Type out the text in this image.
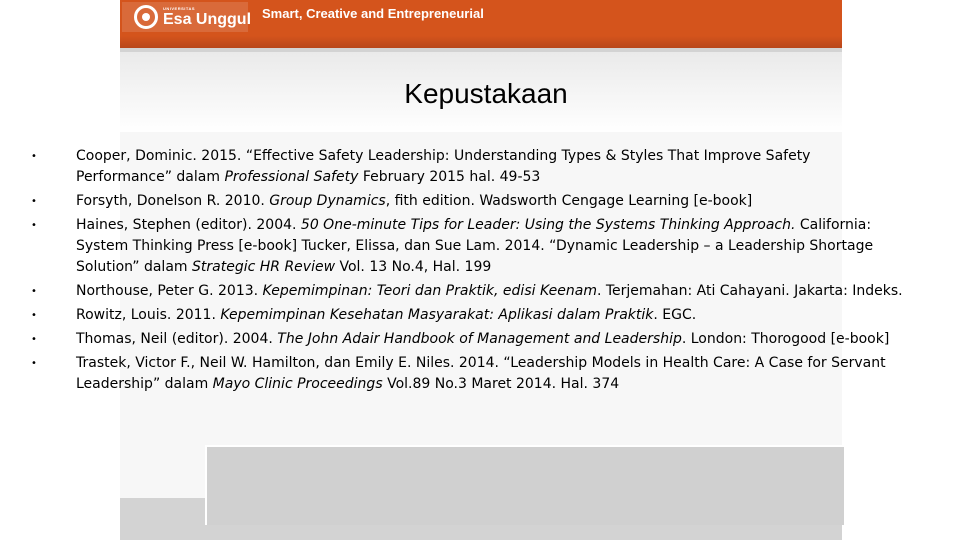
UNIVERSITAS
Esa Unggul Smart, Creative and Entrepreneurial
Kepustakaan
•	Cooper, Dominic. 2015. “Effective Safety Leadership: Understanding Types & Styles That Improve Safety Performance” dalam Professional Safety February 2015 hal. 49-53
•	Forsyth, Donelson R. 2010. Group Dynamics, fith edition. Wadsworth Cengage Learning [e-book]
•	Haines, Stephen (editor). 2004. 50 One-minute Tips for Leader: Using the Systems Thinking Approach. California: System Thinking Press [e-book] Tucker, Elissa, dan Sue Lam. 2014. “Dynamic Leadership – a Leadership Shortage Solution” dalam Strategic HR Review Vol. 13 No.4, Hal. 199
•	Northouse, Peter G. 2013. Kepemimpinan: Teori dan Praktik, edisi Keenam. Terjemahan: Ati Cahayani. Jakarta: Indeks.
•	Rowitz, Louis. 2011. Kepemimpinan Kesehatan Masyarakat: Aplikasi dalam Praktik. EGC.
•	Thomas, Neil (editor). 2004. The John Adair Handbook of Management and Leadership. London: Thorogood [e-book]
•	Trastek, Victor F., Neil W. Hamilton, dan Emily E. Niles. 2014. “Leadership Models in Health Care: A Case for Servant Leadership” dalam Mayo Clinic Proceedings Vol.89 No.3 Maret 2014. Hal. 374
